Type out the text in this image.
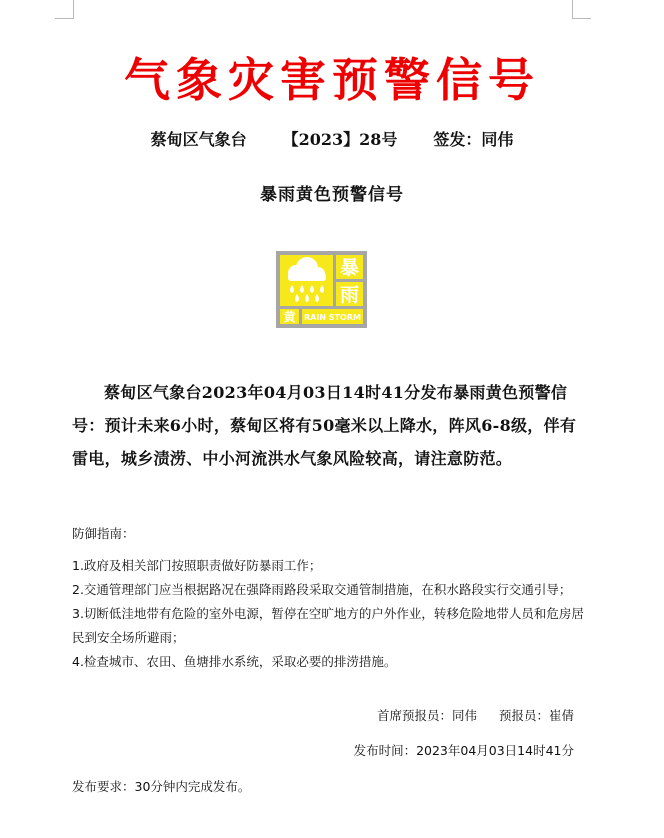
气象灾害预警信号
蔡甸区气象台 【2023】28号 签发：同伟
暴雨黄色预警信号
暴
雨
黄 RAIN STORM

蔡甸区气象台2023年04月03日14时41分发布暴雨黄色预警信号：预计未来6小时，蔡甸区将有50毫米以上降水，阵风6-8级，伴有雷电，城乡渍涝、中小河流洪水气象风险较高，请注意防范。

防御指南：

1.政府及相关部门按照职责做好防暴雨工作；

2.交通管理部门应当根据路况在强降雨路段采取交通管制措施，在积水路段实行交通引导；

3.切断低洼地带有危险的室外电源，暂停在空旷地方的户外作业，转移危险地带人员和危房居民到安全场所避雨；

4.检查城市、农田、鱼塘排水系统，采取必要的排涝措施。

首席预报员：同伟 预报员：崔倩
发布时间：2023年04月03日14时41分
发布要求：30分钟内完成发布。
